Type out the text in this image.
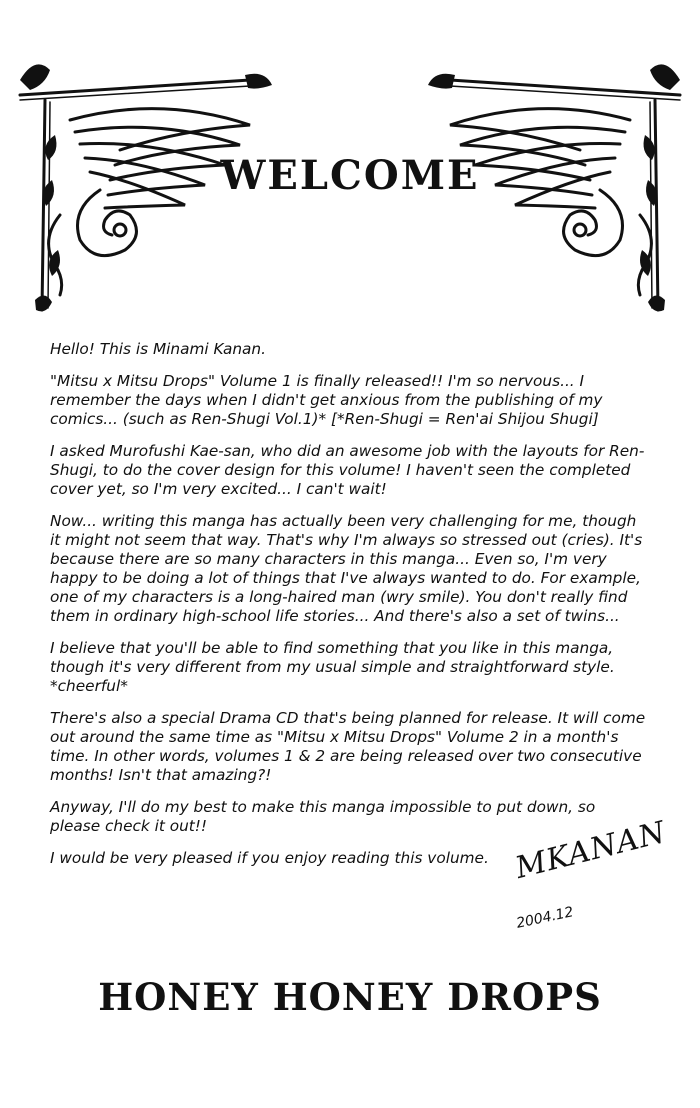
WELCOME

Hello! This is Minami Kanan.

"Mitsu x Mitsu Drops" Volume 1 is finally released!! I'm so nervous... I remember the days when I didn't get anxious from the publishing of my comics... (such as Ren-Shugi Vol.1)* [*Ren-Shugi = Ren'ai Shijou Shugi]

I asked Murofushi Kae-san, who did an awesome job with the layouts for Ren-Shugi, to do the cover design for this volume! I haven't seen the completed cover yet, so I'm very excited... I can't wait!

Now... writing this manga has actually been very challenging for me, though it might not seem that way. That's why I'm always so stressed out (cries). It's because there are so many characters in this manga... Even so, I'm very happy to be doing a lot of things that I've always wanted to do. For example, one of my characters is a long-haired man (wry smile). You don't really find them in ordinary high-school life stories... And there's also a set of twins...

I believe that you'll be able to find something that you like in this manga, though it's very different from my usual simple and straightforward style. *cheerful*

There's also a special Drama CD that's being planned for release. It will come out around the same time as "Mitsu x Mitsu Drops" Volume 2 in a month's time. In other words, volumes 1 & 2 are being released over two consecutive months! Isn't that amazing?!

Anyway, I'll do my best to make this manga impossible to put down, so please check it out!!

I would be very pleased if you enjoy reading this volume. MKANAN
2004.12
HONEY HONEY DROPS
